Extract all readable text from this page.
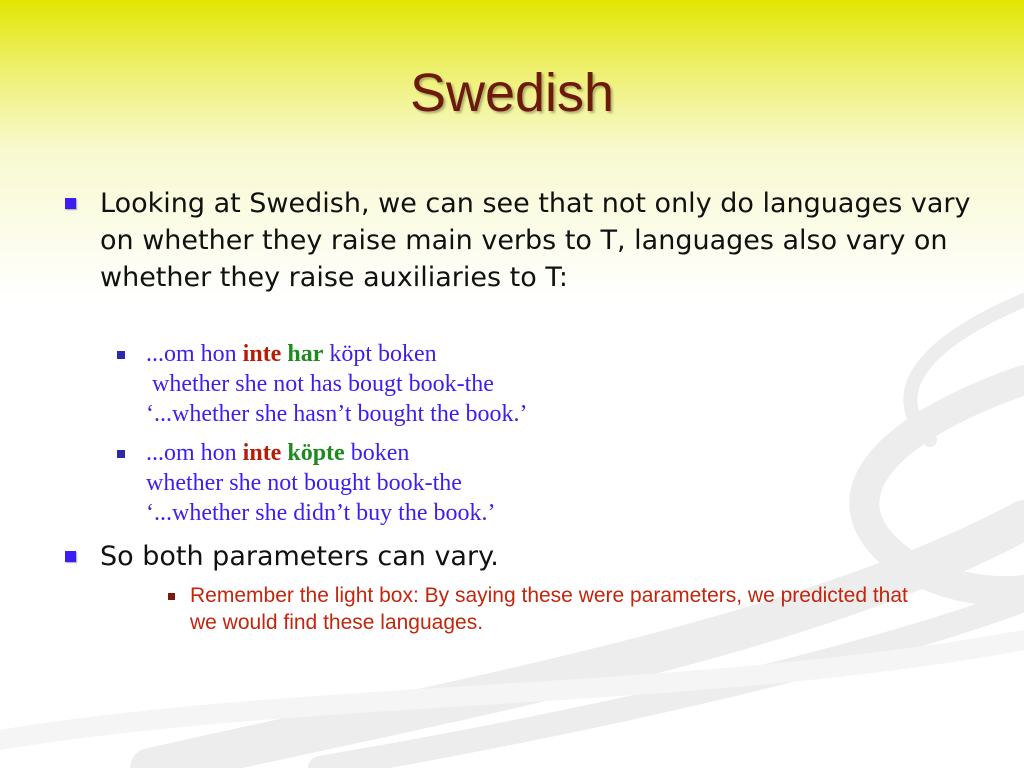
Swedish
Looking at Swedish, we can see that not only do languages vary on whether they raise main verbs to T, languages also vary on whether they raise auxiliaries to T:
...om hon inte har köpt boken
whether she not has bougt book-the
‘...whether she hasn’t bought the book.’
...om hon inte köpte boken
whether she not bought book-the
‘...whether she didn’t buy the book.’
So both parameters can vary.
Remember the light box: By saying these were parameters, we predicted that we would find these languages.
